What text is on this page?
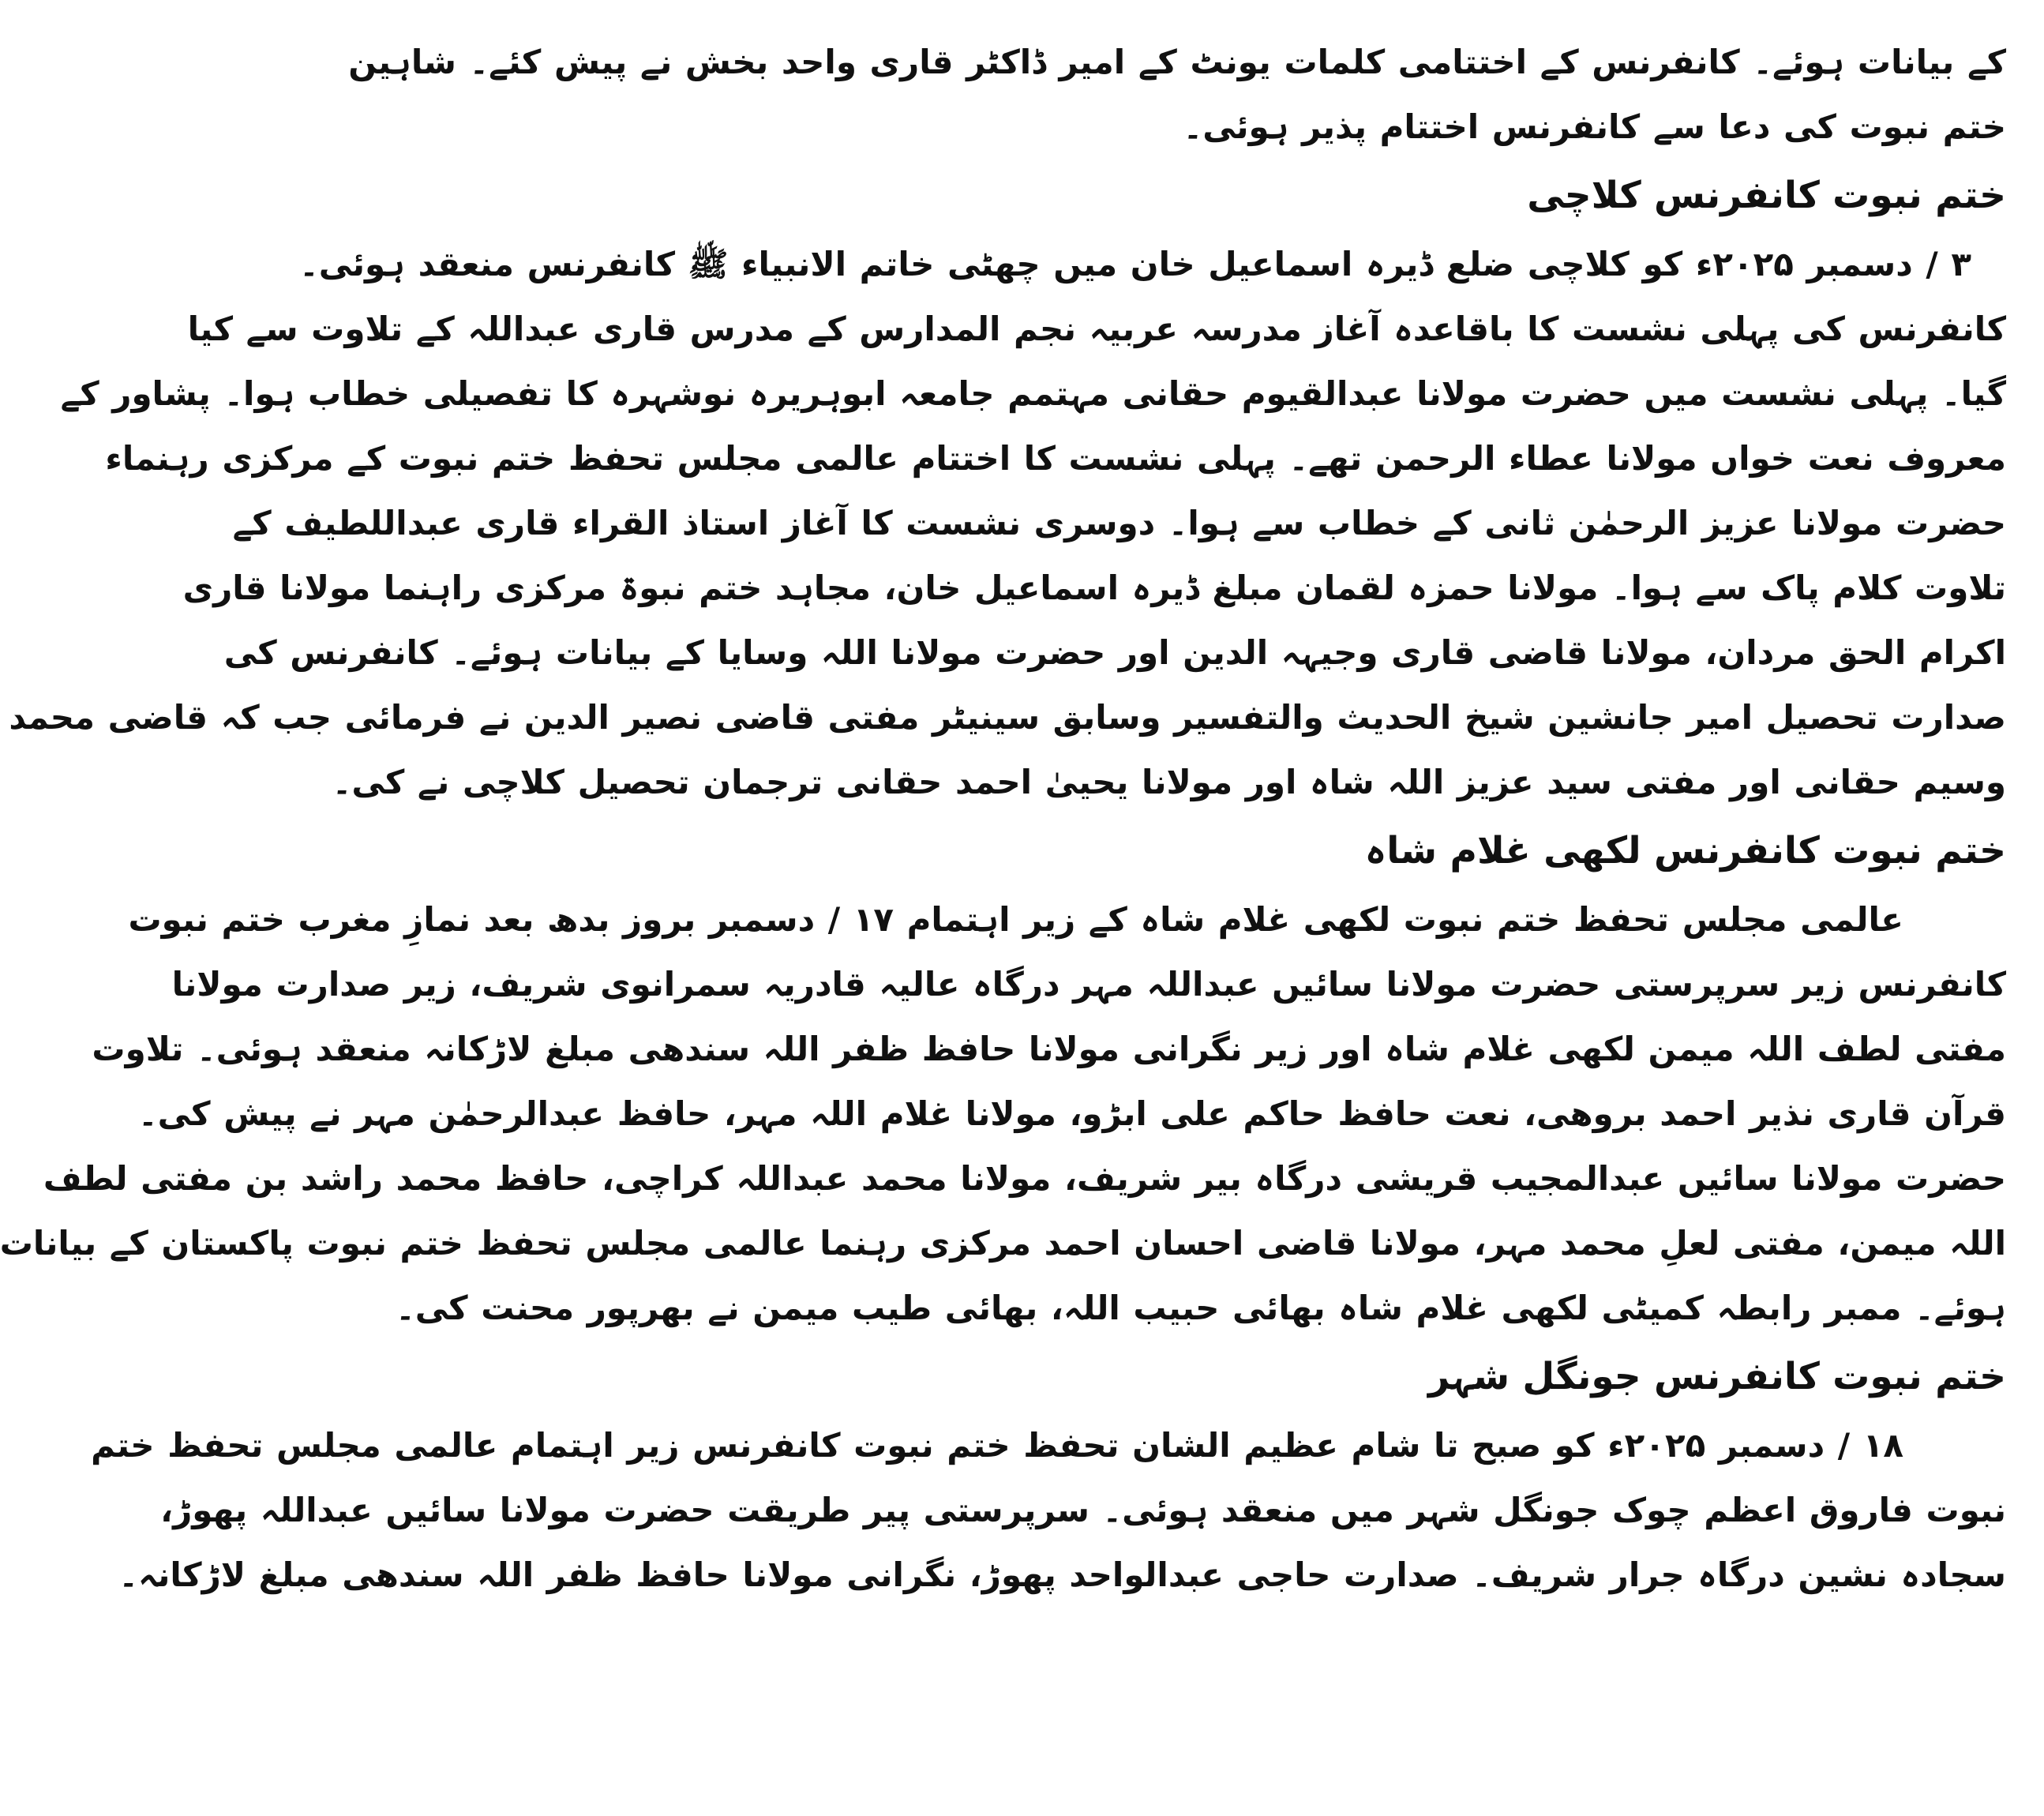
کے بیانات ہوئے۔ کانفرنس کے اختتامی کلمات یونٹ کے امیر ڈاکٹر قاری واحد بخش نے پیش کئے۔ شاہین
ختم نبوت کی دعا سے کانفرنس اختتام پذیر ہوئی۔
ختم نبوت کانفرنس کلاچی
۳ / دسمبر ۲۰۲۵ء کو کلاچی ضلع ڈیرہ اسماعیل خان میں چھٹی خاتم الانبیاء ﷺ کانفرنس منعقد ہوئی۔
کانفرنس کی پہلی نشست کا باقاعدہ آغاز مدرسہ عربیہ نجم المدارس کے مدرس قاری عبداللہ کے تلاوت سے کیا
گیا۔ پہلی نشست میں حضرت مولانا عبدالقیوم حقانی مہتمم جامعہ ابوہریرہ نوشہرہ کا تفصیلی خطاب ہوا۔ پشاور کے
معروف نعت خواں مولانا عطاء الرحمن تھے۔ پہلی نشست کا اختتام عالمی مجلس تحفظ ختم نبوت کے مرکزی رہنماء
حضرت مولانا عزیز الرحمٰن ثانی کے خطاب سے ہوا۔ دوسری نشست کا آغاز استاذ القراء قاری عبداللطیف کے
تلاوت کلام پاک سے ہوا۔ مولانا حمزہ لقمان مبلغ ڈیرہ اسماعیل خان، مجاہد ختم نبوۃ مرکزی راہنما مولانا قاری
اکرام الحق مردان، مولانا قاضی قاری وجیہہ الدین اور حضرت مولانا اللہ وسایا کے بیانات ہوئے۔ کانفرنس کی
صدارت تحصیل امیر جانشین شیخ الحدیث والتفسیر وسابق سینیٹر مفتی قاضی نصیر الدین نے فرمائی جب کہ قاضی محمد
وسیم حقانی اور مفتی سید عزیز اللہ شاہ اور مولانا یحییٰ احمد حقانی ترجمان تحصیل کلاچی نے کی۔
ختم نبوت کانفرنس لکھی غلام شاہ
عالمی مجلس تحفظ ختم نبوت لکھی غلام شاہ کے زیر اہتمام ۱۷ / دسمبر بروز بدھ بعد نمازِ مغرب ختم نبوت
کانفرنس زیر سرپرستی حضرت مولانا سائیں عبداللہ مہر درگاہ عالیہ قادریہ سمرانوی شریف، زیر صدارت مولانا
مفتی لطف اللہ میمن لکھی غلام شاہ اور زیر نگرانی مولانا حافظ ظفر اللہ سندھی مبلغ لاڑکانہ منعقد ہوئی۔ تلاوت
قرآن قاری نذیر احمد بروھی، نعت حافظ حاکم علی ابڑو، مولانا غلام اللہ مہر، حافظ عبدالرحمٰن مہر نے پیش کی۔
حضرت مولانا سائیں عبدالمجیب قریشی درگاہ بیر شریف، مولانا محمد عبداللہ کراچی، حافظ محمد راشد بن مفتی لطف
اللہ میمن، مفتی لعلِ محمد مہر، مولانا قاضی احسان احمد مرکزی رہنما عالمی مجلس تحفظ ختم نبوت پاکستان کے بیانات
ہوئے۔ ممبر رابطہ کمیٹی لکھی غلام شاہ بھائی حبیب اللہ، بھائی طیب میمن نے بھرپور محنت کی۔
ختم نبوت کانفرنس جونگل شہر
۱۸ / دسمبر ۲۰۲۵ء کو صبح تا شام عظیم الشان تحفظ ختم نبوت کانفرنس زیر اہتمام عالمی مجلس تحفظ ختم
نبوت فاروق اعظم چوک جونگل شہر میں منعقد ہوئی۔ سرپرستی پیر طریقت حضرت مولانا سائیں عبداللہ پھوڑ،
سجادہ نشین درگاہ جرار شریف۔ صدارت حاجی عبدالواحد پھوڑ، نگرانی مولانا حافظ ظفر اللہ سندھی مبلغ لاڑکانہ۔
